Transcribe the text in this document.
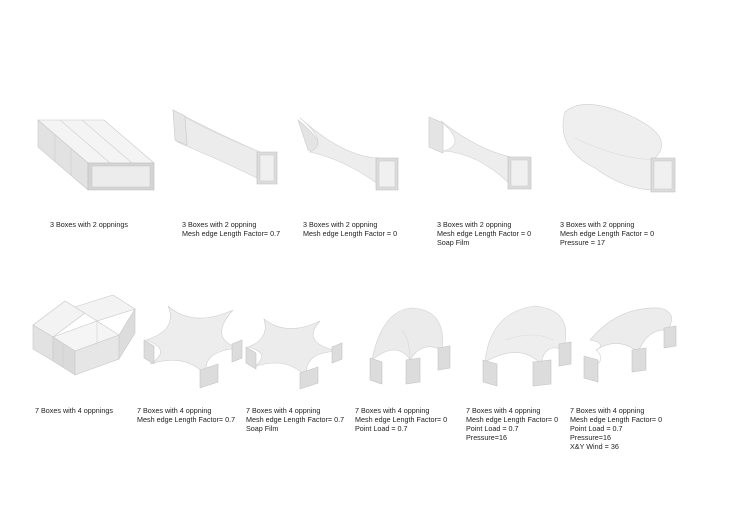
3 Boxes with 2 oppnings	3 Boxes with 2 oppning
Mesh edge Length Factor= 0.7
3 Boxes with 2 oppning
Mesh edge Length Factor = 0
3 Boxes with 2 oppning
Mesh edge Length Factor = 0
Soap Film
3 Boxes with 2 oppning
Mesh edge Length Factor = 0
Pressure = 17
7 Boxes with 4 oppnings	7 Boxes with 4 oppning
Mesh edge Length Factor= 0.7
7 Boxes with 4 oppning
Mesh edge Length Factor= 0.7
Soap Film
7 Boxes with 4 oppning
Mesh edge Length Factor= 0
Point Load = 0.7
7 Boxes with 4 oppning
Mesh edge Length Factor= 0
Point Load = 0.7
Pressure=16
7 Boxes with 4 oppning
Mesh edge Length Factor= 0
Point Load = 0.7
Pressure=16
X&Y Wind = 36
